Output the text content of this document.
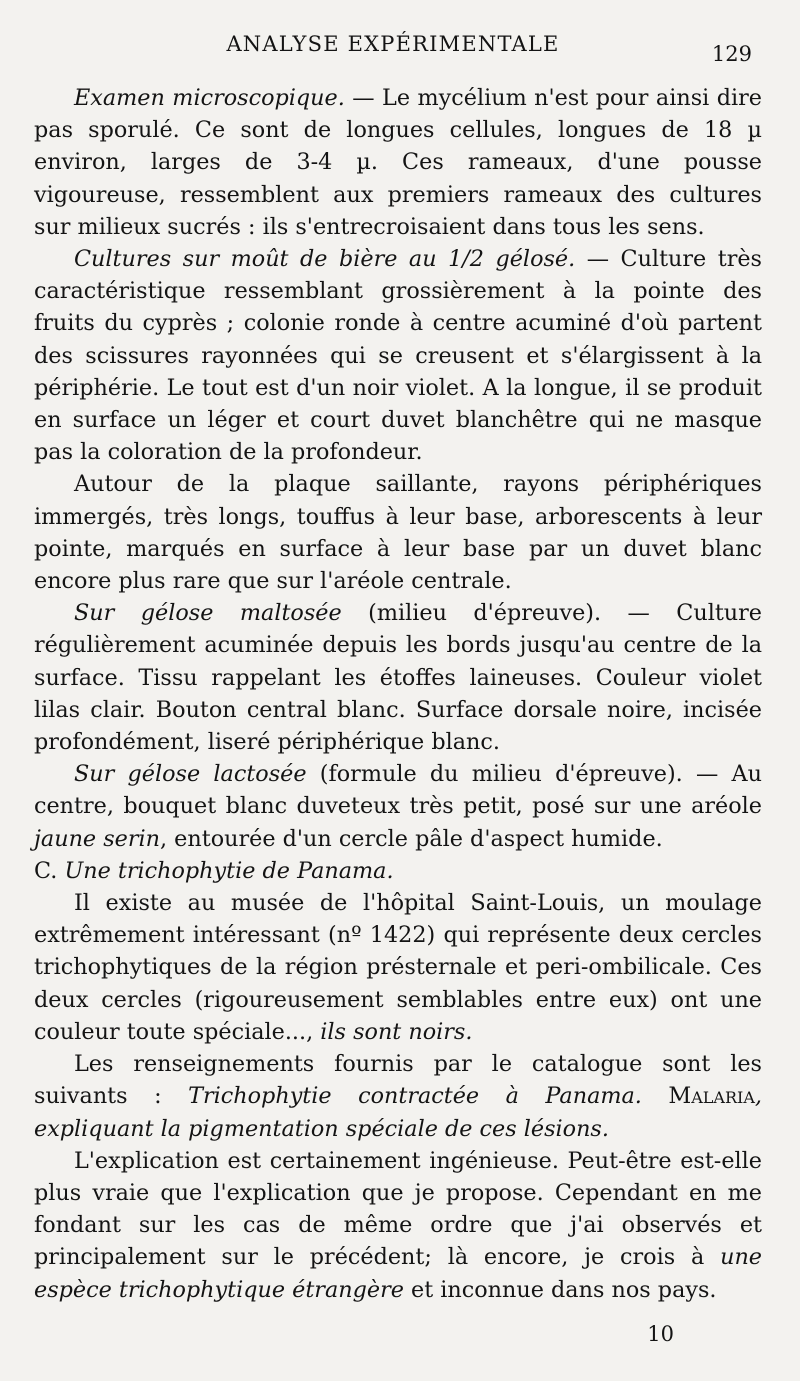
ANALYSE EXPÉRIMENTALE	129

Examen microscopique. — Le mycélium n'est pour ainsi dire pas sporulé. Ce sont de longues cellules, longues de 18 µ environ, larges de 3-4 µ. Ces rameaux, d'une pousse vigoureuse, ressemblent aux premiers rameaux des cultures sur milieux sucrés : ils s'entrecroisaient dans tous les sens.

Cultures sur moût de bière au 1/2 gélosé. — Culture très caractéristique ressemblant grossièrement à la pointe des fruits du cyprès ; colonie ronde à centre acuminé d'où partent des scissures rayonnées qui se creusent et s'élargissent à la périphérie. Le tout est d'un noir violet. A la longue, il se produit en surface un léger et court duvet blanchêtre qui ne masque pas la coloration de la profondeur.

Autour de la plaque saillante, rayons périphériques immergés, très longs, touffus à leur base, arborescents à leur pointe, marqués en surface à leur base par un duvet blanc encore plus rare que sur l'aréole centrale.

Sur gélose maltosée (milieu d'épreuve). — Culture régulièrement acuminée depuis les bords jusqu'au centre de la surface. Tissu rappelant les étoffes laineuses. Couleur violet lilas clair. Bouton central blanc. Surface dorsale noire, incisée profondément, liseré périphérique blanc.

Sur gélose lactosée (formule du milieu d'épreuve). — Au centre, bouquet blanc duveteux très petit, posé sur une aréole jaune serin, entourée d'un cercle pâle d'aspect humide.

C. Une trichophytie de Panama.

Il existe au musée de l'hôpital Saint-Louis, un moulage extrêmement intéressant (nº 1422) qui représente deux cercles trichophytiques de la région présternale et peri-ombilicale. Ces deux cercles (rigoureusement semblables entre eux) ont une couleur toute spéciale..., ils sont noirs.

Les renseignements fournis par le catalogue sont les suivants : Trichophytie contractée à Panama. Malaria, expliquant la pigmentation spéciale de ces lésions.

L'explication est certainement ingénieuse. Peut-être est-elle plus vraie que l'explication que je propose. Cependant en me fondant sur les cas de même ordre que j'ai observés et principalement sur le précédent; là encore, je crois à une espèce trichophytique étrangère et inconnue dans nos pays.

10
